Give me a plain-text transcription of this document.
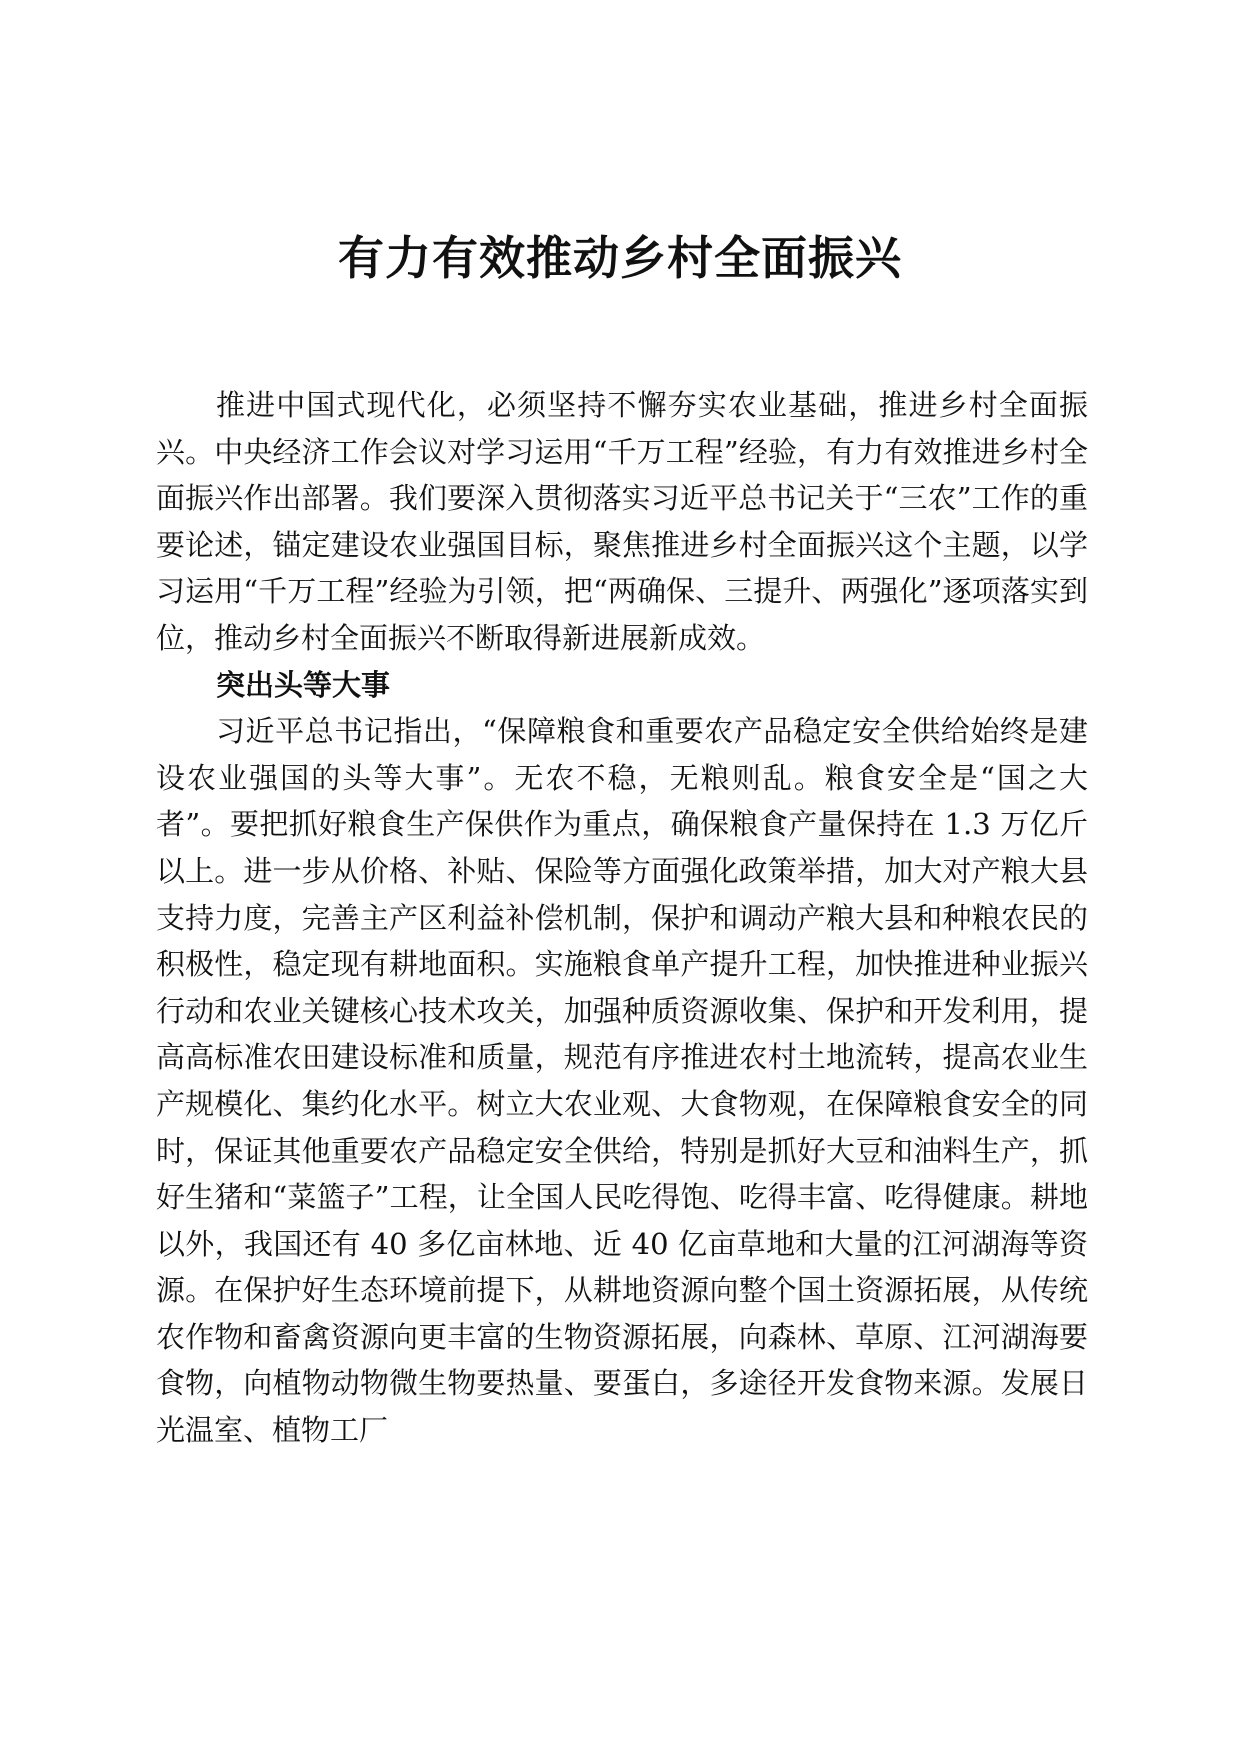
有力有效推动乡村全面振兴

推进中国式现代化，必须坚持不懈夯实农业基础，推进乡村全面振兴。中央经济工作会议对学习运用“千万工程”经验，有力有效推进乡村全面振兴作出部署。我们要深入贯彻落实习近平总书记关于“三农”工作的重要论述，锚定建设农业强国目标，聚焦推进乡村全面振兴这个主题，以学习运用“千万工程”经验为引领，把“两确保、三提升、两强化”逐项落实到位，推动乡村全面振兴不断取得新进展新成效。

突出头等大事

习近平总书记指出，“保障粮食和重要农产品稳定安全供给始终是建设农业强国的头等大事”。无农不稳，无粮则乱。粮食安全是“国之大者”。要把抓好粮食生产保供作为重点，确保粮食产量保持在 1.3 万亿斤以上。进一步从价格、补贴、保险等方面强化政策举措，加大对产粮大县支持力度，完善主产区利益补偿机制，保护和调动产粮大县和种粮农民的积极性，稳定现有耕地面积。实施粮食单产提升工程，加快推进种业振兴行动和农业关键核心技术攻关，加强种质资源收集、保护和开发利用，提高高标准农田建设标准和质量，规范有序推进农村土地流转，提高农业生产规模化、集约化水平。树立大农业观、大食物观，在保障粮食安全的同时，保证其他重要农产品稳定安全供给，特别是抓好大豆和油料生产，抓好生猪和“菜篮子”工程，让全国人民吃得饱、吃得丰富、吃得健康。耕地以外，我国还有 40 多亿亩林地、近 40 亿亩草地和大量的江河湖海等资源。在保护好生态环境前提下，从耕地资源向整个国土资源拓展，从传统农作物和畜禽资源向更丰富的生物资源拓展，向森林、草原、江河湖海要食物，向植物动物微生物要热量、要蛋白，多途径开发食物来源。发展日光温室、植物工厂
